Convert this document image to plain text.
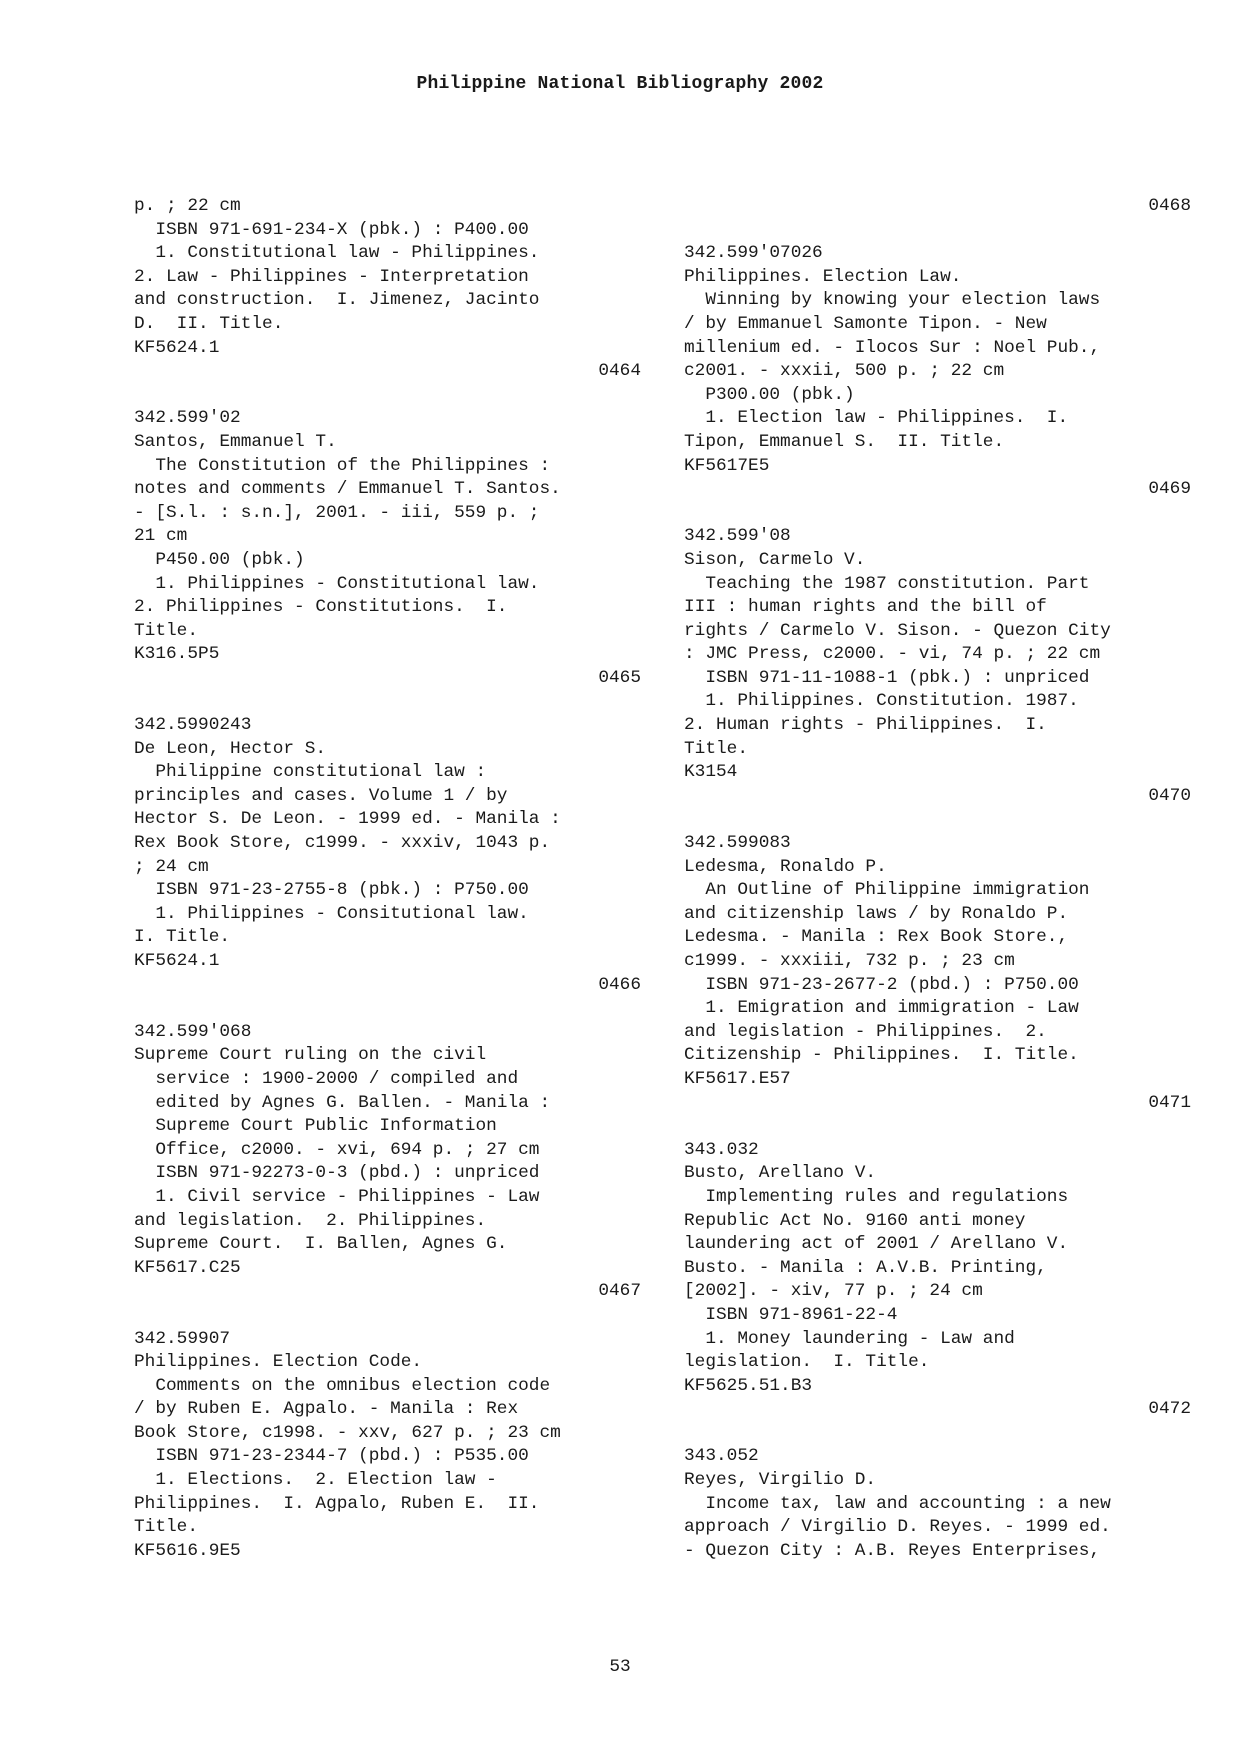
Philippine National Bibliography 2002
p. ; 22 cm
ISBN 971-691-234-X (pbk.) : P400.00
1. Constitutional law - Philippines.
2. Law - Philippines - Interpretation
and construction.  I. Jimenez, Jacinto
D.  II. Title.
KF5624.1
0464
342.599'02
Santos, Emmanuel T.
The Constitution of the Philippines :
notes and comments / Emmanuel T. Santos.
- [S.l. : s.n.], 2001. - iii, 559 p. ;
21 cm
P450.00 (pbk.)
1. Philippines - Constitutional law.
2. Philippines - Constitutions.  I.
Title.
K316.5P5
0465
342.5990243
De Leon, Hector S.
Philippine constitutional law :
principles and cases. Volume 1 / by
Hector S. De Leon. - 1999 ed. - Manila :
Rex Book Store, c1999. - xxxiv, 1043 p.
; 24 cm
ISBN 971-23-2755-8 (pbk.) : P750.00
1. Philippines - Consitutional law.
I. Title.
KF5624.1
0466
342.599'068
Supreme Court ruling on the civil
service : 1900-2000 / compiled and
edited by Agnes G. Ballen. - Manila :
Supreme Court Public Information
Office, c2000. - xvi, 694 p. ; 27 cm
ISBN 971-92273-0-3 (pbd.) : unpriced
1. Civil service - Philippines - Law
and legislation.  2. Philippines.
Supreme Court.  I. Ballen, Agnes G.
KF5617.C25
0467
342.59907
Philippines. Election Code.
Comments on the omnibus election code
/ by Ruben E. Agpalo. - Manila : Rex
Book Store, c1998. - xxv, 627 p. ; 23 cm
ISBN 971-23-2344-7 (pbd.) : P535.00
1. Elections.  2. Election law -
Philippines.  I. Agpalo, Ruben E.  II.
Title.
KF5616.9E5
0468
342.599'07026
Philippines. Election Law.
Winning by knowing your election laws
/ by Emmanuel Samonte Tipon. - New
millenium ed. - Ilocos Sur : Noel Pub.,
c2001. - xxxii, 500 p. ; 22 cm
P300.00 (pbk.)
1. Election law - Philippines.  I.
Tipon, Emmanuel S.  II. Title.
KF5617E5
0469
342.599'08
Sison, Carmelo V.
Teaching the 1987 constitution. Part
III : human rights and the bill of
rights / Carmelo V. Sison. - Quezon City
: JMC Press, c2000. - vi, 74 p. ; 22 cm
ISBN 971-11-1088-1 (pbk.) : unpriced
1. Philippines. Constitution. 1987.
2. Human rights - Philippines.  I.
Title.
K3154
0470
342.599083
Ledesma, Ronaldo P.
An Outline of Philippine immigration
and citizenship laws / by Ronaldo P.
Ledesma. - Manila : Rex Book Store.,
c1999. - xxxiii, 732 p. ; 23 cm
ISBN 971-23-2677-2 (pbd.) : P750.00
1. Emigration and immigration - Law
and legislation - Philippines.  2.
Citizenship - Philippines.  I. Title.
KF5617.E57
0471
343.032
Busto, Arellano V.
Implementing rules and regulations
Republic Act No. 9160 anti money
laundering act of 2001 / Arellano V.
Busto. - Manila : A.V.B. Printing,
[2002]. - xiv, 77 p. ; 24 cm
ISBN 971-8961-22-4
1. Money laundering - Law and
legislation.  I. Title.
KF5625.51.B3
0472
343.052
Reyes, Virgilio D.
Income tax, law and accounting : a new
approach / Virgilio D. Reyes. - 1999 ed.
- Quezon City : A.B. Reyes Enterprises,
53
